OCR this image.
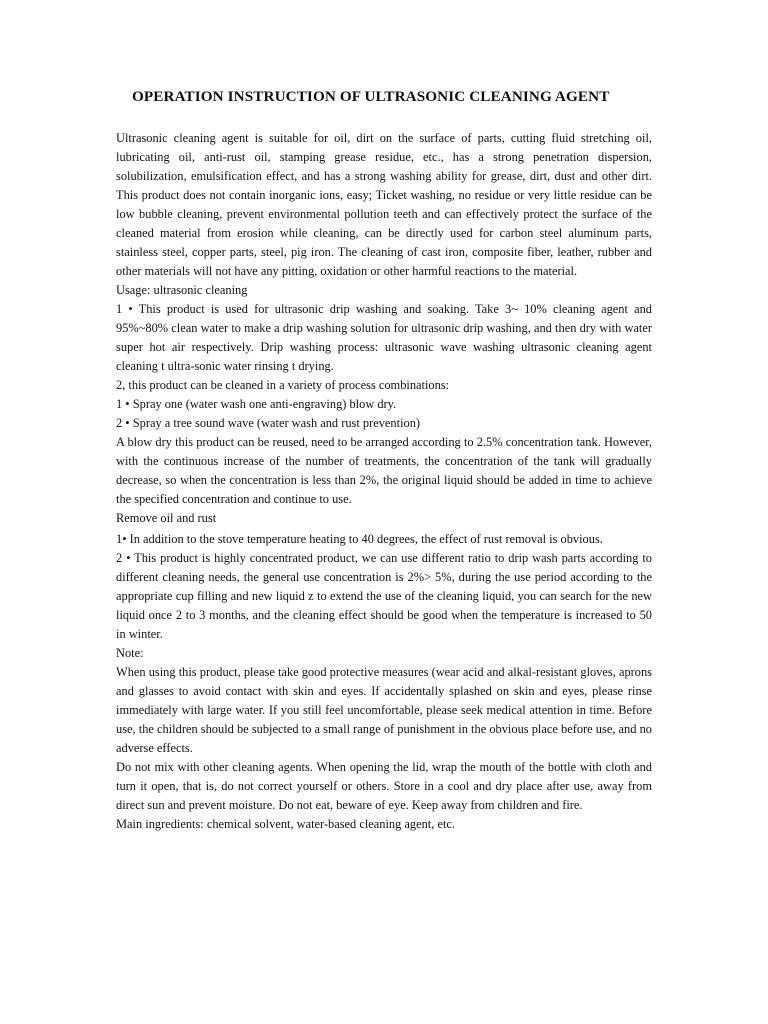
OPERATION INSTRUCTION OF ULTRASONIC CLEANING AGENT

Ultrasonic cleaning agent is suitable for oil, dirt on the surface of parts, cutting fluid stretching oil, lubricating oil, anti-rust oil, stamping grease residue, etc., has a strong penetration dispersion, solubilization, emulsification effect, and has a strong washing ability for grease, dirt, dust and other dirt. This product does not contain inorganic ions, easy; Ticket washing, no residue or very little residue can be low bubble cleaning, prevent environmental pollution teeth and can effectively protect the surface of the cleaned material from erosion while cleaning, can be directly used for carbon steel aluminum parts, stainless steel, copper parts, steel, pig iron. The cleaning of cast iron, composite fiber, leather, rubber and other materials will not have any pitting, oxidation or other harmful reactions to the material.

Usage: ultrasonic cleaning

1 • This product is used for ultrasonic drip washing and soaking. Take 3~ 10% cleaning agent and 95%~80% clean water to make a drip washing solution for ultrasonic drip washing, and then dry with water super hot air respectively. Drip washing process: ultrasonic wave washing ultrasonic cleaning agent cleaning t ultra-sonic water rinsing t drying.

2, this product can be cleaned in a variety of process combinations:

1 • Spray one (water wash one anti-engraving) blow dry.

2 • Spray a tree sound wave (water wash and rust prevention)

A blow dry this product can be reused, need to be arranged according to 2.5% concentration tank. However, with the continuous increase of the number of treatments, the concentration of the tank will gradually decrease, so when the concentration is less than 2%, the original liquid should be added in time to achieve the specified concentration and continue to use.

Remove oil and rust

1• In addition to the stove temperature heating to 40 degrees, the effect of rust removal is obvious.

2 • This product is highly concentrated product, we can use different ratio to drip wash parts according to different cleaning needs, the general use concentration is 2%> 5%, during the use period according to the appropriate cup filling and new liquid z to extend the use of the cleaning liquid, you can search for the new liquid once 2 to 3 months, and the cleaning effect should be good when the temperature is increased to 50 in winter.

Note:

When using this product, please take good protective measures (wear acid and alkal-resistant gloves, aprons and glasses to avoid contact with skin and eyes. If accidentally splashed on skin and eyes, please rinse immediately with large water. If you still feel uncomfortable, please seek medical attention in time. Before use, the children should be subjected to a small range of punishment in the obvious place before use, and no adverse effects.

Do not mix with other cleaning agents. When opening the lid, wrap the mouth of the bottle with cloth and turn it open, that is, do not correct yourself or others. Store in a cool and dry place after use, away from direct sun and prevent moisture. Do not eat, beware of eye. Keep away from children and fire.

Main ingredients: chemical solvent, water-based cleaning agent, etc.
